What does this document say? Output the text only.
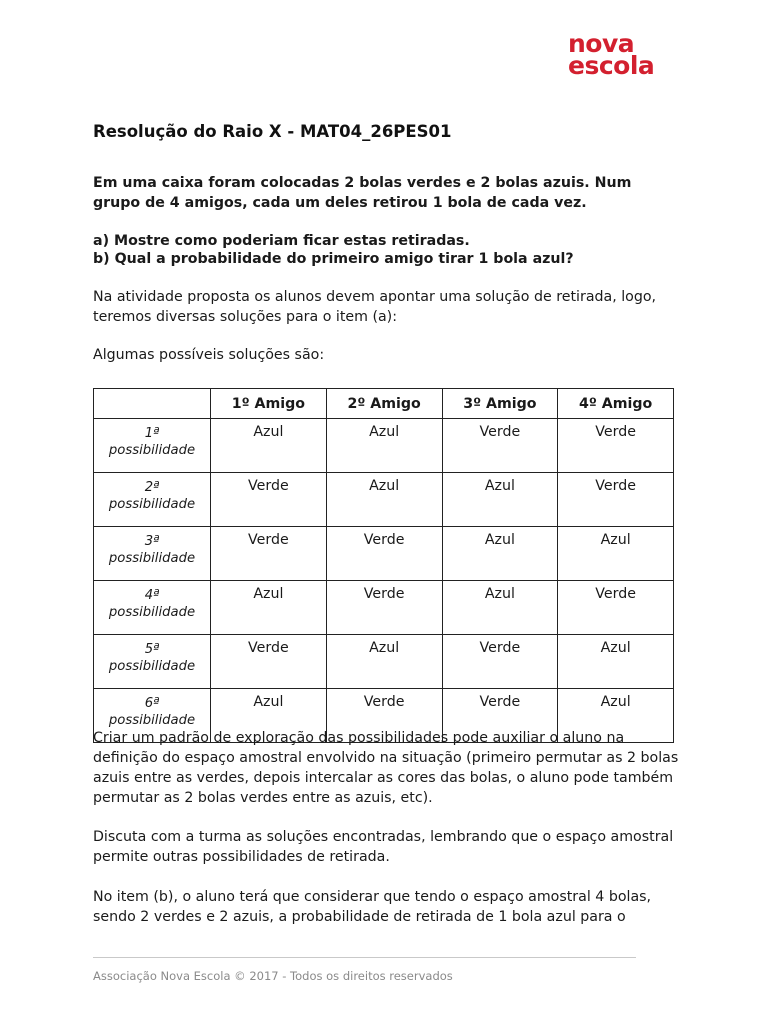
nova
escola
Resolução do Raio X - MAT04_26PES01

Em uma caixa foram colocadas 2 bolas verdes e 2 bolas azuis. Num grupo de 4 amigos, cada um deles retirou 1 bola de cada vez.

a) Mostre como poderiam ficar estas retiradas.

b) Qual a probabilidade do primeiro amigo tirar 1 bola azul?

Na atividade proposta os alunos devem apontar uma solução de retirada, logo, teremos diversas soluções para o item (a):

Algumas possíveis soluções são:

	1º Amigo	2º Amigo	3º Amigo	4º Amigo
1ª
possibilidade	Azul	Azul	Verde	Verde
2ª
possibilidade	Verde	Azul	Azul	Verde
3ª
possibilidade	Verde	Verde	Azul	Azul
4ª
possibilidade	Azul	Verde	Azul	Verde
5ª
possibilidade	Verde	Azul	Verde	Azul
6ª
possibilidade	Azul	Verde	Verde	Azul

Criar um padrão de exploração das possibilidades pode auxiliar o aluno na definição do espaço amostral envolvido na situação (primeiro permutar as 2 bolas azuis entre as verdes, depois intercalar as cores das bolas, o aluno pode também permutar as 2 bolas verdes entre as azuis, etc).

Discuta com a turma as soluções encontradas, lembrando que o espaço amostral permite outras possibilidades de retirada.

No item (b), o aluno terá que considerar que tendo o espaço amostral 4 bolas, sendo 2 verdes e 2 azuis, a probabilidade de retirada de 1 bola azul para o

Associação Nova Escola © 2017 - Todos os direitos reservados
